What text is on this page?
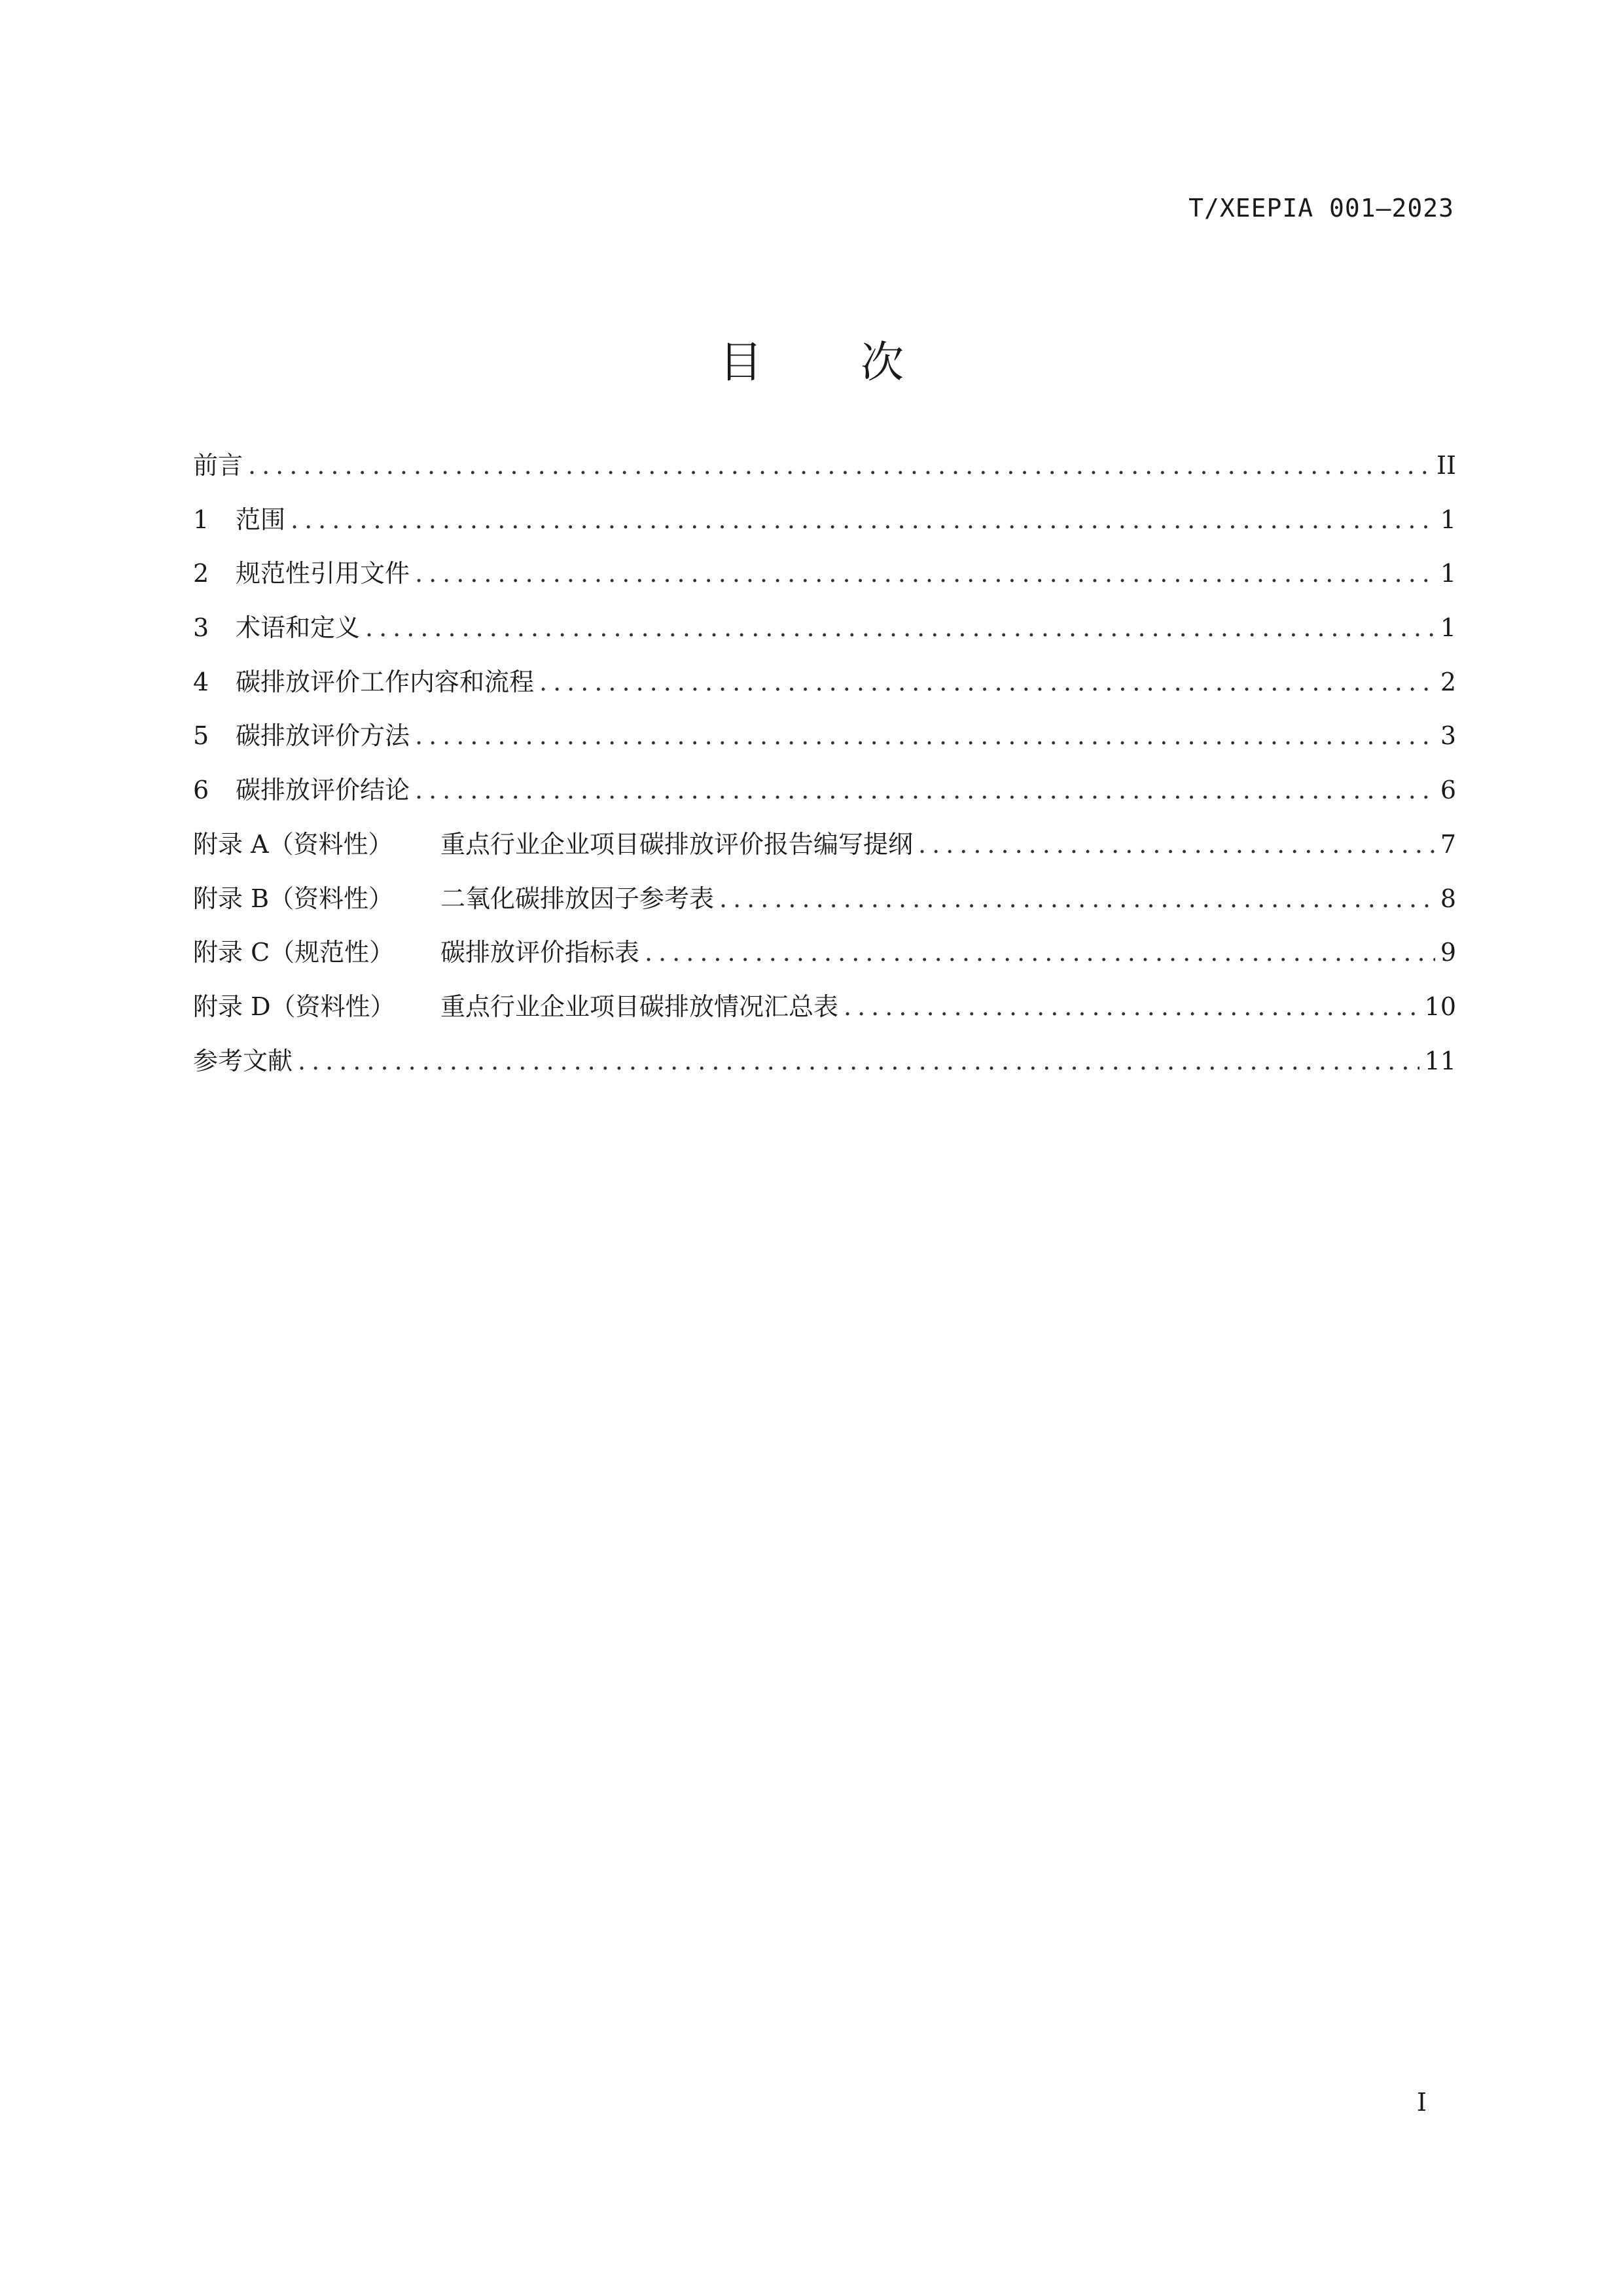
T/XEEPIA 001—2023
目次
前言 .....	II
1	范围 .....	1
2	规范性引用文件 .....	1
3	术语和定义 .....	1
4	碳排放评价工作内容和流程 .....	2
5	碳排放评价方法 .....	3
6	碳排放评价结论 .....	6
附录 A（资料性）	重点行业企业项目碳排放评价报告编写提纲 .....	7
附录 B（资料性）	二氧化碳排放因子参考表 .....	8
附录 C（规范性）	碳排放评价指标表 .....	9
附录 D（资料性）	重点行业企业项目碳排放情况汇总表 .....	10
参考文献 .....	11
I
